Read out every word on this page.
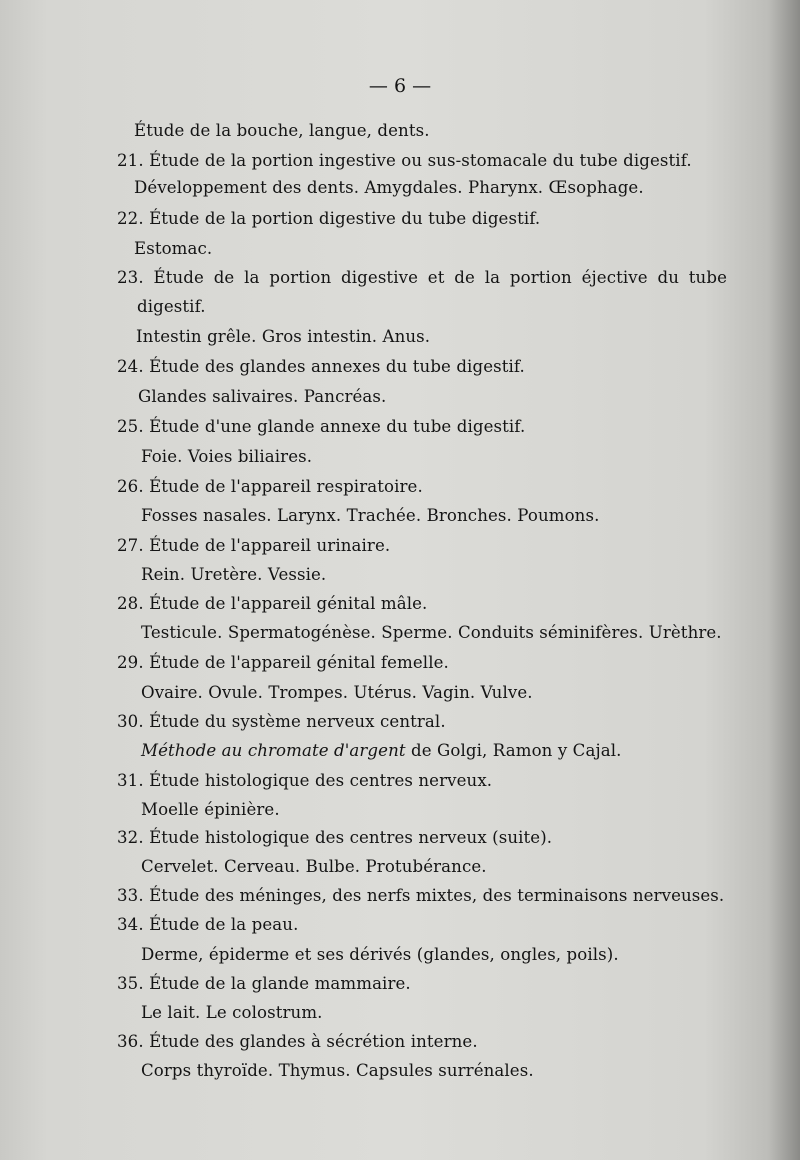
— 6 —
Étude de la bouche, langue, dents.
21. Étude de la portion ingestive ou sus-stomacale du tube digestif.
Développement des dents. Amygdales. Pharynx. Œsophage.
22. Étude de la portion digestive du tube digestif.
Estomac.
23. Étude de la portion digestive et de la portion éjective du tube
digestif.
Intestin grêle. Gros intestin. Anus.
24. Étude des glandes annexes du tube digestif.
Glandes salivaires. Pancréas.
25. Étude d'une glande annexe du tube digestif.
Foie. Voies biliaires.
26. Étude de l'appareil respiratoire.
Fosses nasales. Larynx. Trachée. Bronches. Poumons.
27. Étude de l'appareil urinaire.
Rein. Uretère. Vessie.
28. Étude de l'appareil génital mâle.
Testicule. Spermatogénèse. Sperme. Conduits séminifères. Urèthre.
29. Étude de l'appareil génital femelle.
Ovaire. Ovule. Trompes. Utérus. Vagin. Vulve.
30. Étude du système nerveux central.
Méthode au chromate d'argent de Golgi, Ramon y Cajal.
31. Étude histologique des centres nerveux.
Moelle épinière.
32. Étude histologique des centres nerveux (suite).
Cervelet. Cerveau. Bulbe. Protubérance.
33. Étude des méninges, des nerfs mixtes, des terminaisons nerveuses.
34. Étude de la peau.
Derme, épiderme et ses dérivés (glandes, ongles, poils).
35. Étude de la glande mammaire.
Le lait. Le colostrum.
36. Étude des glandes à sécrétion interne.
Corps thyroïde. Thymus. Capsules surrénales.
